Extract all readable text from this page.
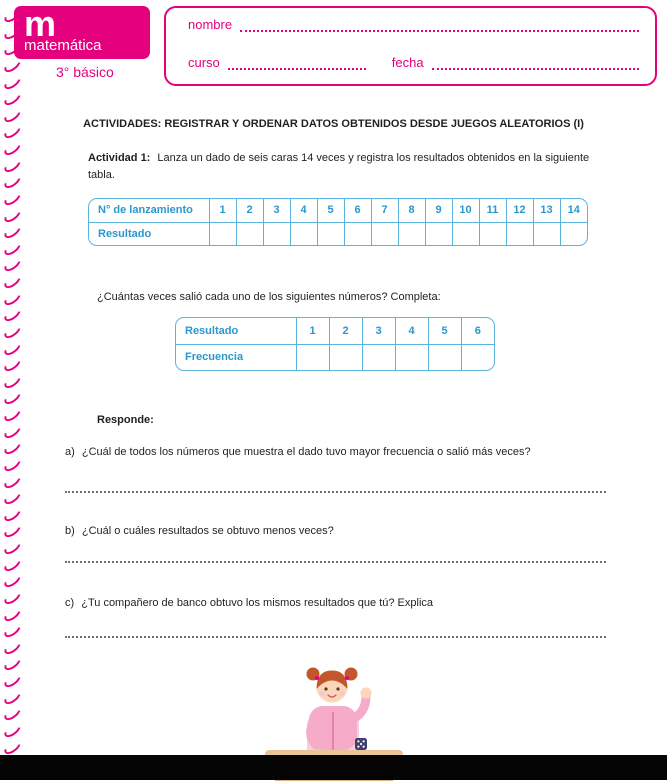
m
matemática
3° básico
nombre
curso	fecha
ACTIVIDADES: REGISTRAR Y ORDENAR DATOS OBTENIDOS DESDE JUEGOS ALEATORIOS (I)

Actividad 1: Lanza un dado de seis caras 14 veces y registra los resultados obtenidos en la siguiente tabla.

N° de lanzamiento	1	2	3	4	5	6	7	8	9	10	11	12	13	14
Resultado														

¿Cuántas veces salió cada uno de los siguientes números? Completa:

Resultado	1	2	3	4	5	6
Frecuencia						

Responde:

a) ¿Cuál de todos los números que muestra el dado tuvo mayor frecuencia o salió más veces?

b) ¿Cuál o cuáles resultados se obtuvo menos veces?

c) ¿Tu compañero de banco obtuvo los mismos resultados que tú? Explica
